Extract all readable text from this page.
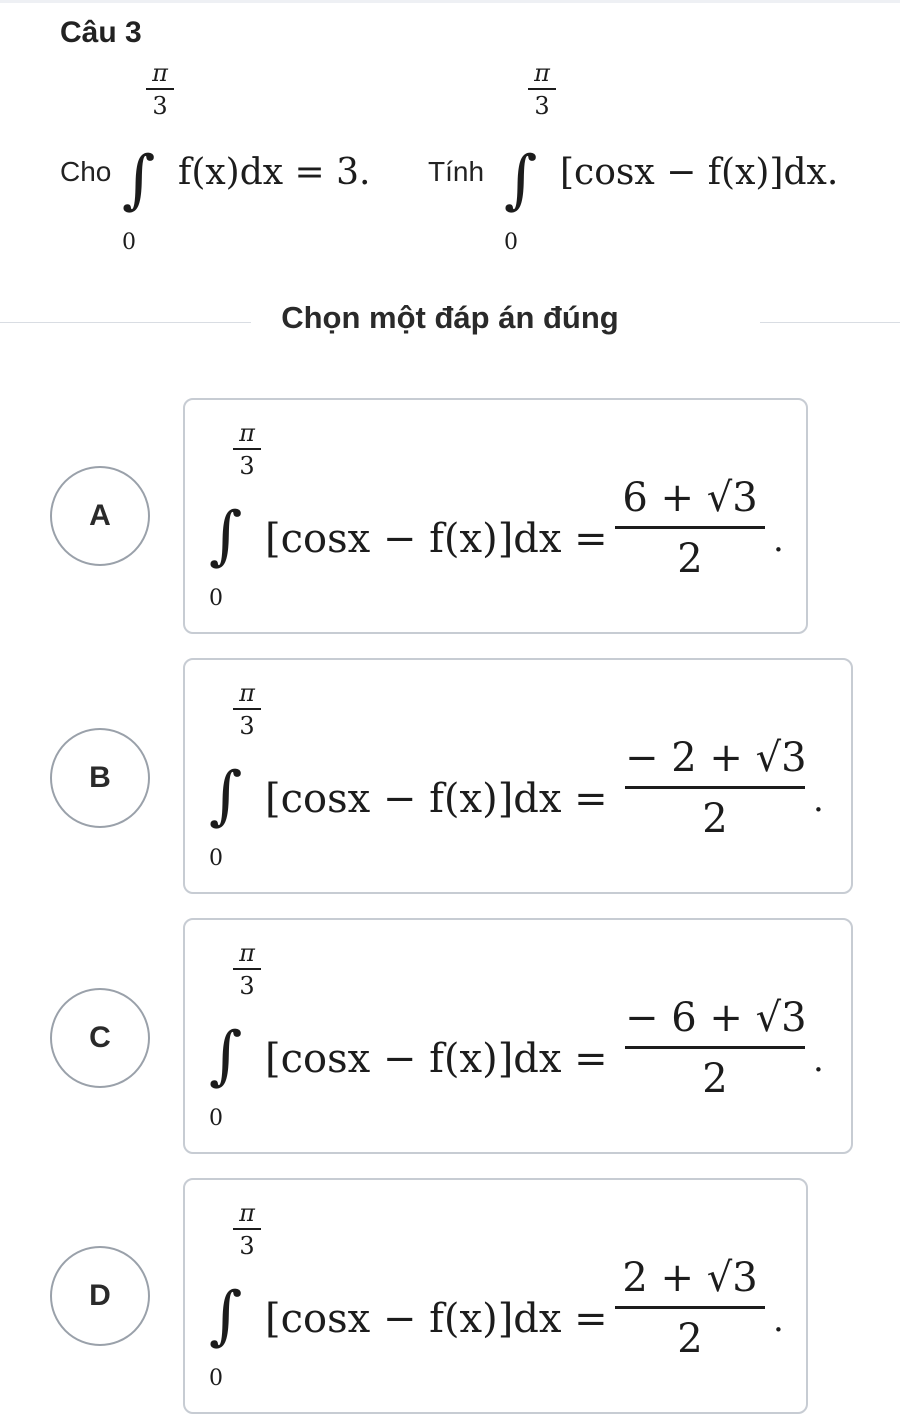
Câu 3
Cho
π
3
∫
0
f(x)dx = 3. Tính
π
3
∫
0
[cosx − f(x)]dx.
Chọn một đáp án đúng
A
π
3
∫
0
[cosx − f(x)]dx =
6 + √3
2	.
B
π
3
∫
0
[cosx − f(x)]dx =
− 2 + √3
2	.
C
π
3
∫
0
[cosx − f(x)]dx =
− 6 + √3
2	.
D
π
3
∫
0
[cosx − f(x)]dx =
2 + √3
2	.
